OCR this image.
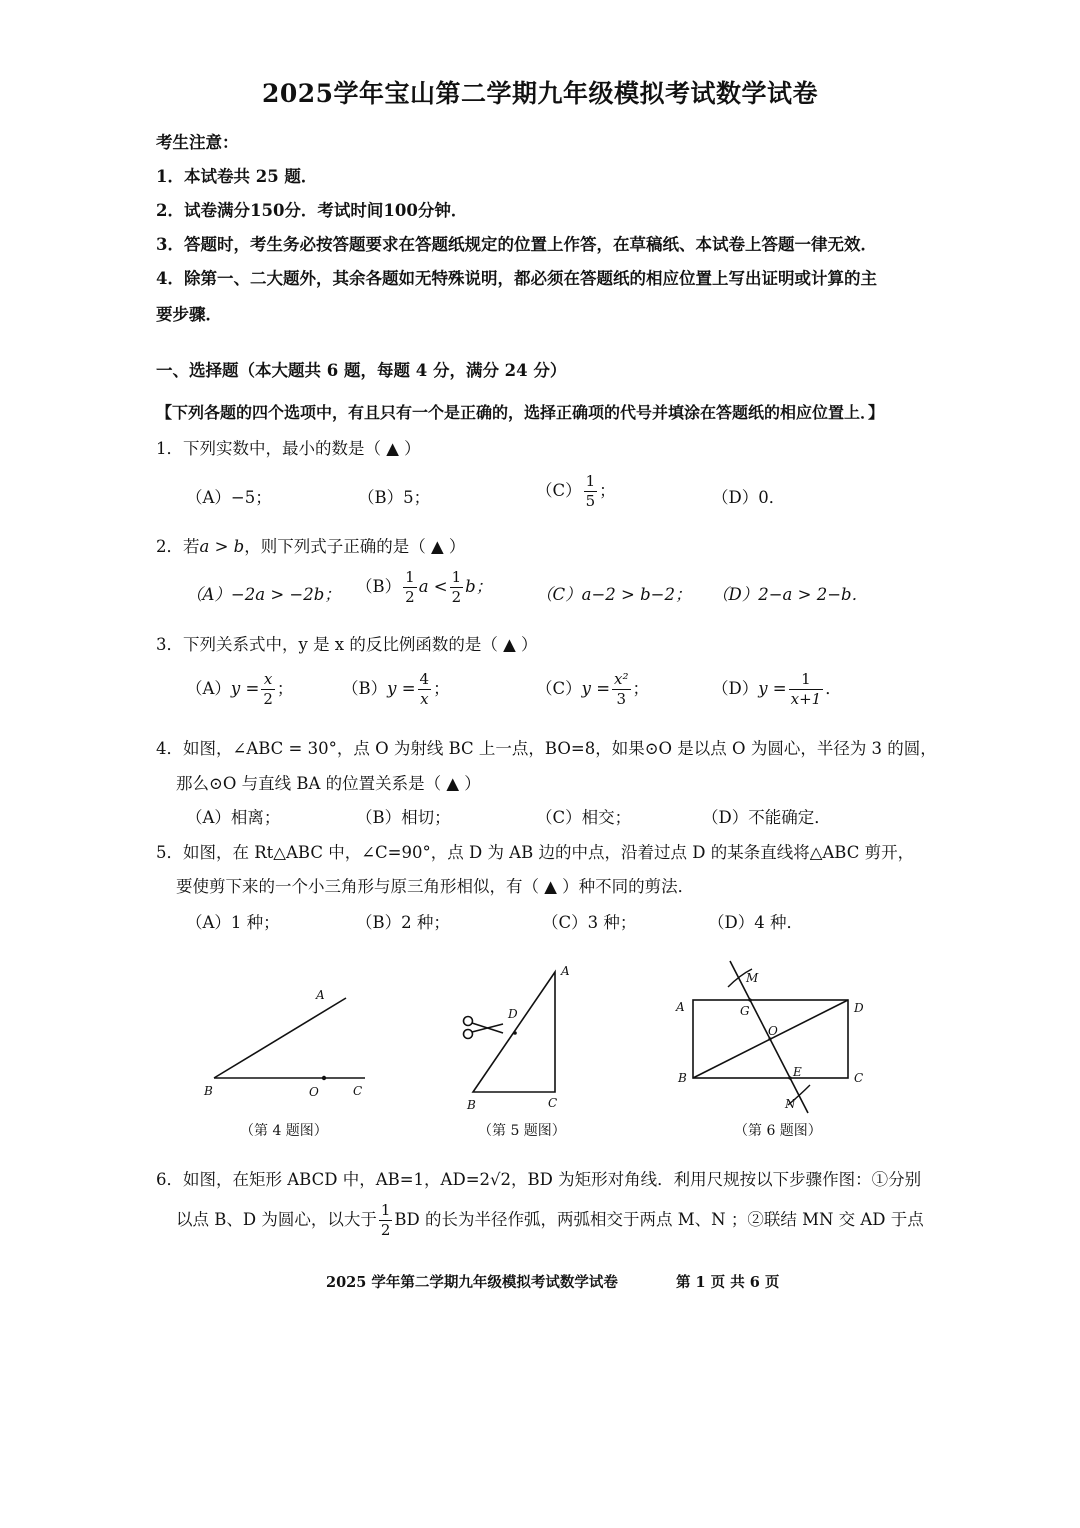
2025学年宝山第二学期九年级模拟考试数学试卷
考生注意：
1．本试卷共 25 题．
2．试卷满分150分．考试时间100分钟．
3．答题时，考生务必按答题要求在答题纸规定的位置上作答，在草稿纸、本试卷上答题一律无效．
4．除第一、二大题外，其余各题如无特殊说明，都必须在答题纸的相应位置上写出证明或计算的主
要步骤．
一、选择题（本大题共 6 题，每题 4 分，满分 24 分）
【下列各题的四个选项中，有且只有一个是正确的，选择正确项的代号并填涂在答题纸的相应位置上．】
1．下列实数中，最小的数是（ ▲ ）
（A）−5；	（B）5；	$(C) \frac{1}{5}$ ；	（D）0．
2．若a > b，则下列式子正确的是（ ▲ ）
（A）−2a > −2b； $(B) \frac{1}{2}$ $a < \frac{1}{2}$ b；	（C）a−2 > b−2； （D）2−a > 2−b．
3．下列关系式中，y 是 x 的反比例函数的是（ ▲ ）
$(A)y = \frac{x}{2}$ ；	$(B)y = \frac{4}{x}$ ；	$(C)y = \frac{\text{x²}}{3}$ ；	$(D)y = \frac{1}{x+1}$ ．
4．如图，∠ABC = 30°，点 O 为射线 BC 上一点，BO=8，如果⊙O 是以点 O 为圆心，半径为 3 的圆，
那么⊙O 与直线 BA 的位置关系是（ ▲ ）
（A）相离；	（B）相切；	（C）相交；	（D）不能确定．
5．如图，在 Rt△ABC 中，∠C=90°，点 D 为 AB 边的中点，沿着过点 D 的某条直线将△ABC 剪开，
要使剪下来的一个小三角形与原三角形相似，有（ ▲ ）种不同的剪法．
（A）1 种；	（B）2 种；	（C）3 种；	（D）4 种．
A
B	O	C
（第 4 题图）
A
D
B	C
（第 5 题图）
M
A	G	D
O
B	E	C
N
（第 6 题图）
6．如图，在矩形 ABCD 中，AB=1，AD=2√2，BD 为矩形对角线．利用尺规按以下步骤作图：①分别
以点 B、D 为圆心，以大于 $\frac{1}{2}$ BD 的长为半径作弧，两弧相交于两点 M、N ；②联结 MN 交 AD 于点
2025 学年第二学期九年级模拟考试数学试卷	第 1 页 共 6 页
